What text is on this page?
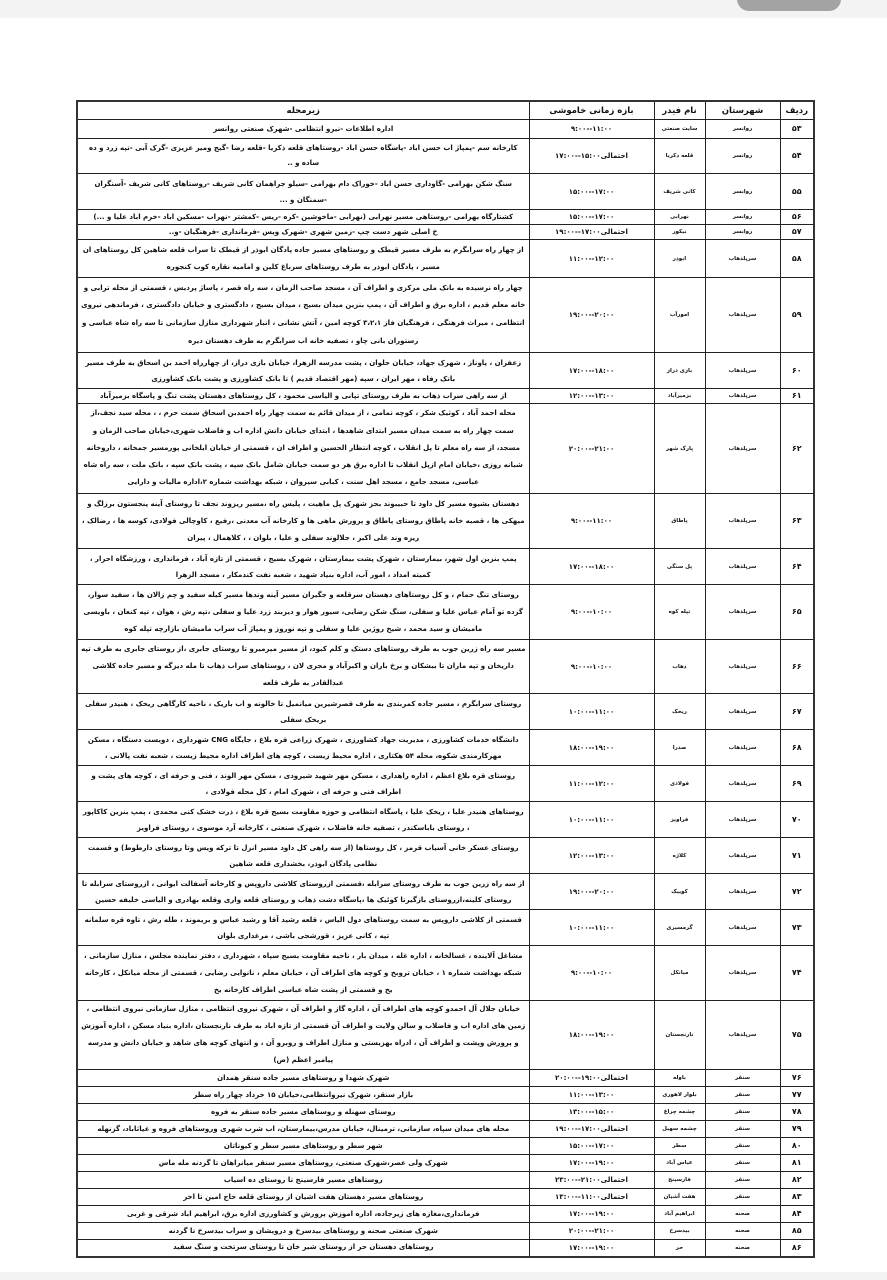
ردیف	شهرستان	نام فیدر	بازه زمانی خاموشی	زیرمحله
۵۳	روانسر	سایت صنعتی	۹:۰۰--۱۱:۰۰	اداره اطلاعات -نیرو انتظامی -شهرک صنعتی روانسر
۵۴	روانسر	قلعه ذکریا	۱۷:۰۰--۱۵:۰۰احتمالی	کارخانه سم -پمپاژ اب حسن اباد -پاسگاه حسن اباد -روستاهای قلعه ذکریا -قلعه رضا -گیج ومیر عزیزی -گرک آبی -تپه زرد و ده ساده و ..
۵۵	روانسر	کانی شریف	۱۵:۰۰--۱۷:۰۰	سنگ شکن بهرامی -گاوداری حسن اباد -خوراک دام بهرامی -سیلو جراهمان کانی شریف -روستاهای کانی شریف -آسنگران -سمنگان و ...
۵۶	روانسر	نهرابی	۱۵:۰۰--۱۷:۰۰	کشتارگاه بهرامی -روستاهی مسیر نهرابی (نهرابی -ماخوشین -کره -ریس -کمشتر -نهراب -مسکین اباد -خرم اباد علیا و ...)
۵۷	روانسر	نیکور	۱۹:۰۰--۱۷:۰۰احتمالی	خ اصلی شهر دست چپ -زمین شهری -شهرک ویس -فرمانداری -فرهنگیان -و..
۵۸	سرپلذهاب	ابوذر	۱۱:۰۰--۱۲:۰۰	از چهار راه سرابگرم به طرف مسیر قیطک و روستاهای مسیر جاده پادگان ابوذر از قیطک تا سراب قلعه شاهین کل روستاهای ان مسیر ، پادگان ابوذر به طرف روستاهای سرباغ کلین و امامیه نقاره کوب کنجوره
۵۹	سرپلذهاب	امورآب	۱۹:۰۰--۲۰:۰۰	چهار راه نرسیده به بانک ملی مرکزی و اطراف آن ، مسجد صاحب الزمان ، سه راه قصر ، پاساژ پردیس ، قسمتی از محله ترابی و خانه معلم قدیم ، اداره برق و اطراف آن ، پمپ بنزین میدان بسیج ، میدان بسیج ، دادگستری و خیابان دادگستری ، فرماندهی نیروی انتظامی ، میراث فرهنگی ، فرهنگیان فاز ۳،۲،۱ کوچه امین ، آتش نشانی ، انبار شهرداری منازل سازمانی تا سه راه شاه عباسی و رستوران بانی چاو ، تصفیه خانه اب سرابگرم به طرف دهستان دیره
۶۰	سرپلذهاب	بازی دراز	۱۷:۰۰--۱۸:۰۰	زعفران ، پاوناز ، شهرک جهاد، خیابان حلوان ، پشت مدرسه الزهرا، خیابان بازی دراز، از چهارراه احمد بن اسحاق به طرف مسیر بانک رفاه ، مهر ایران ، سپه (مهر اقتصاد قدیم ) تا بانک کشاورزی و پشت بانک کشاورزی
۶۱	سرپلذهاب	بزمیرآباد	۱۲:۰۰--۱۳:۰۰	از سه راهی سراب ذهاب به طرف روستای تپانی و الیاسی محمود ، کل روستاهای دهستان پشت تنگ و پاسگاه بزمیرآباد
۶۲	سرپلذهاب	پارک شهر	۲۰:۰۰--۲۱:۰۰	محله احمد آباد ، کوثیک شکر ، کوچه نمامی ، از میدان قائم به سمت چهار راه احمدبن اسحاق سمت حرم ، ، محله سید نجف،از سمت چهار راه به سمت میدان مسیر ابتدای شاهدها ، ابتدای خیابان دانش اداره اب و فاضلاب شهری،خیابان صاحب الزمان و مسجد، از سه راه معلم تا پل انقلاب ، کوچه انتظار الحسین و اطراف ان ، قسمتی از خیابان ایلخانی پورمسیر جمخانه ، داروخانه شبانه روزی ،خیابان امام ازپل انقلاب تا اداره برق هر دو سمت خیابان شامل بانک سپه ، پشت بانک سپه ، بانک ملت ، سه راه شاه عباسی، مسجد جامع ، مسجد اهل سنت ، کبابی سیروان ، شبکه بهداشت شماره ۲،اداره مالیات و دارایی
۶۳	سرپلذهاب	پاطاق	۹:۰۰--۱۱:۰۰	دهستان بشیوه مسیر کل داود تا حبیبوند بجز شهرک پل ماهیت ، پلیس راه ،مسیر ریزوند نجف تا روستای آینه پنجستون برزلگ و میهکی ها ، قصبه خانه پاطاق روستای پاطاق و پرورش ماهی ها و کارخانه آب معدنی ،رفیع ، کاوچالی فولادی، کوسه ها ، رضالک ، ریزه وند علی اکبر ، جلالوند سفلی و علیا ، بلوان ، ، کلاهمال ، پیران
۶۴	سرپلذهاب	پل سنگی	۱۷:۰۰--۱۸:۰۰	پمپ بنزین اول شهر، بیمارستان ، شهرک پشت بیمارستان ، شهرک بسیج ، قسمتی از تازه آباد ، فرمانداری ، ورزشگاه احرار ، کمیته امداد ، امور آب، اداره بنیاد شهید ، شعبه نفت کندمکار ، مسجد الزهرا
۶۵	سرپلذهاب	تپله کوه	۹:۰۰--۱۰:۰۰	روستای تنگ حمام ، و کل روستاهای دهستان سرقلعه و جگیران مسیر آینه وندها مسیر کیله سفید و چم زالان ها ، سفید سوار، گرده تو آمام عباس علیا و سفلی، سنگ شکن رضایی، سیور هوار و دیربند زرد علیا و سفلی ،تپه رش ، هوان ، تپه کنعان ، باویسی مامیشان و سید محمد ، شیخ روژین علیا و سفلی و تپه نوروز و پمپاژ آب سراب مامیشان بازارچه تپله کوه
۶۶	سرپلذهاب	ذهاب	۹:۰۰--۱۰:۰۰	مسیر سه راه زرین جوب به طرف روستاهای دستک و کلم کبود، از مسیر میرمیرو تا روستای جابری ،از روستای جابری به طرف تپه داریخان و تپه ماران تا بیشکان و برخ باران و اکبرآباد و مجری لان ، روستاهای سراب ذهاب تا مله دیزگه و مسیر جاده کلاشی عبدالقادر به طرف قلعه
۶۷	سرپلذهاب	ریخک	۱۰:۰۰--۱۱:۰۰	روستای سرابگرم ، مسیر جاده کمربندی به طرف قصرشیرین میانمیل تا خالونه و اب باریک ، ناحیه کارگاهی ریخک ، هنیدر سفلی بریخک سفلی
۶۸	سرپلذهاب	صدرا	۱۸:۰۰--۱۹:۰۰	دانشگاه خدمات کشاورزی ، مدیریت جهاد کشاورزی ، شهرک زراعی قره بلاغ ، جایگاه CNG شهرداری ، دویست دستگاه ، مسکن مهرکارمندی شکوه، محله ۵۴ هکتاری ، اداره محیط زیست ، کوچه های اطراف اداره محیط زیست ، شعبه نفت پالانی ،
۶۹	سرپلذهاب	فولادی	۱۱:۰۰--۱۲:۰۰	روستای قره بلاغ اعظم ، اداره راهداری ، مسکن مهر شهید شیرودی ، مسکن مهر الوند ، فنی و حرفه ای ، کوچه های پشت و اطراف فنی و حرفه ای ، شهرک امام ، کل محله فولادی ،
۷۰	سرپلذهاب	فراویز	۱۰:۰۰--۱۱:۰۰	روستاهای هنیدر علیا ، ریخک علیا ، پاسگاه انتظامی و حوزه مقاومت بسیج قره بلاغ ، ذرت خشک کنی محمدی ، پمپ بنزین کاکاپور ، روستای باباسکندر ، تصفیه خانه فاضلاب ، شهرک صنعتی ، کارخانه آرد موسوی ، روستای فراویز
۷۱	سرپلذهاب	کلاژه	۱۲:۰۰--۱۳:۰۰	روستای عسکر خانی آسیاب قرمز ، کل روستاها (از سه راهی کل داود مسیر انزل تا ترکه ویس وتا روستای دارطوط) و قسمت نظامی پادگان ابوذر، بخشداری قلعه شاهین
۷۲	سرپلذهاب	کوییک	۱۹:۰۰--۲۰:۰۰	از سه راه زرین جوب به طرف روستای سرابله ،قسمتی ازروستای کلاشی داروپس و کارخانه آسفالت ایوانی ، ازروستای سرابله تا روستای کلینه،ازروستای بازگیرتا کوئیک ها ،پاسگاه دشت ذهاب و روستای قلعه واری وقلعه بهادری و الیاسی خلیفه حسین
۷۳	سرپلذهاب	گرمسیری	۱۰:۰۰--۱۱:۰۰	قسمتی از کلاشی داروپس به سمت روستاهای دول الیاس ، قلعه رشید آقا و رشید عباس و بریموند ، طله رش ، تاوه قره سلمانه تپه ، کانی عزیز ، قورشجی باشی ، مرغداری بلوان
۷۴	سرپلذهاب	میانکل	۹:۰۰--۱۰:۰۰	مشاغل آلاینده ، غسالخانه ، اداره غله ، میدان بار ، ناحیه مقاومت بسیج سپاه ، شهرداری ، دفتر نماینده مجلس ، منازل سازمانی ، شبکه بهداشت شماره ۱ ، خیابان تروبخ و کوچه های اطراف آن ، خیابان معلم ، نانوایی رضایی ، قسمتی از محله میانکل ، کارخانه یخ و قسمتی از پشت شاه عباسی اطراف کارخانه یخ
۷۵	سرپلذهاب	نارنجستان	۱۸:۰۰--۱۹:۰۰	خیابان جلال آل احمدو کوچه های اطراف آن ، اداره گاز و اطراف آن ، شهرک نیروی انتظامی ، منازل سازمانی نیروی انتظامی ، زمین های اداره اب و فاضلاب و سالن ولایت و اطراف آن قسمتی از تازه اباد به طرف نارنجستان ،اداره بنیاد مسکن ، اداره آموزش و پرورش وپشت و اطراف آن ، ادراه بهزیستی و منازل اطراف و روبرو آن ، و انتهای کوچه های شاهد و خیابان دانش و مدرسه پیامبر اعظم (ص)
۷۶	سنقر	باوله	۲۰:۰۰--۱۹:۰۰احتمالی	شهرک شهدا و روستاهای مسیر جاده سنقر همدان
۷۷	سنقر	بلوار لاهوری	۱۱:۰۰--۱۳:۰۰	بازار سنقر، شهرک نیروانتظامی،خیابان ۱۵ خرداد چهار راه سطر
۷۸	سنقر	چشمه چراغ	۱۳:۰۰--۱۵:۰۰	روستای سهنله و روستاهای مسیر جاده سنقر به فروه
۷۹	سنقر	چشمه سهیل	۱۹:۰۰--۱۷:۰۰احتمالی	محله های میدان سپاه، سازمانی، ترمینال، خیابان مدرس،بیمارستان، اب شرب شهری وروستاهای فروه و غیاثاباد، گزنهله
۸۰	سنقر	سطر	۱۵:۰۰--۱۷:۰۰	شهر سطر و روستاهای مسیر سطر و کیوناتان
۸۱	سنقر	عباس آباد	۱۷:۰۰--۱۹:۰۰	شهرک ولی عصر،شهرک صنعتی، روستاهای مسیر سنقر میانراهان تا گردنه مله ماس
۸۲	سنقر	فارسینج	۲۳:۰۰--۲۱:۰۰احتمالی	روستاهای مسیر فارسینج تا روستای ده اسیاب
۸۳	سنقر	هفت آشیان	۱۳:۰۰--۱۱:۰۰احتمالی	روستاهای مسیر دهستان هفت اشیان از روستای قلعه حاج امین تا اخر
۸۴	صحنه	ابراهیم آباد	۱۷:۰۰--۱۹:۰۰	فرمانداری،مغازه های زیرجاده، اداره اموزش پرورش و کشاورزی اداره برق، ابراهیم اباد شرقی و غربی
۸۵	صحنه	بیدسرخ	۲۰:۰۰--۲۱:۰۰	شهرک صنعتی صحنه و روستاهای بیدسرخ و درویشان و سراب بیدسرخ تا گردنه
۸۶	صحنه	حر	۱۷:۰۰--۱۹:۰۰	روستاهای دهستان حر از روستای شیر خان تا روستای سرتخت و سنگ سفید
